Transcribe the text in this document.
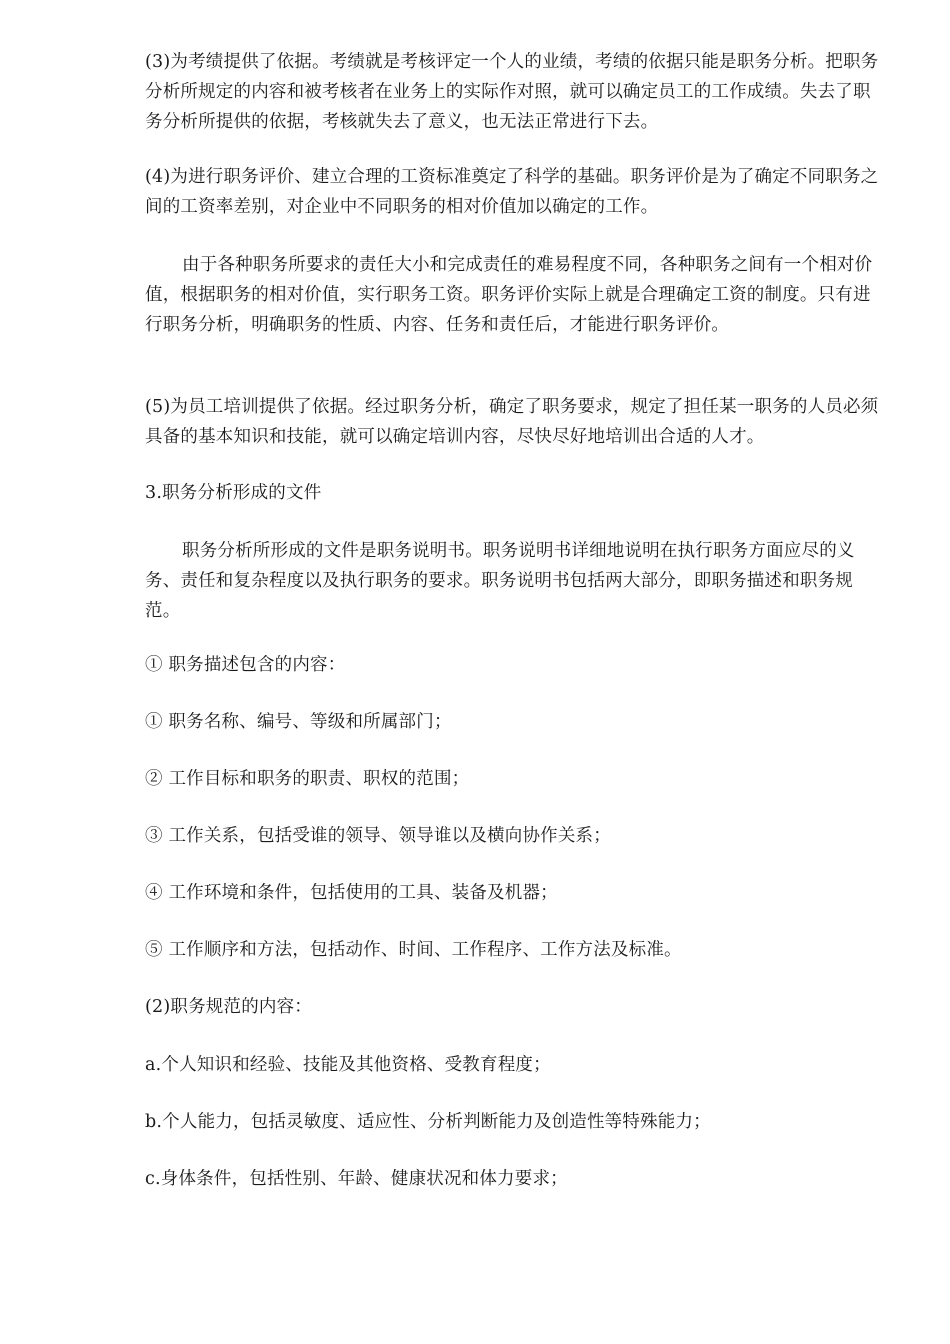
(3)为考绩提供了依据。考绩就是考核评定一个人的业绩，考绩的依据只能是职务分析。把职务分析所规定的内容和被考核者在业务上的实际作对照，就可以确定员工的工作成绩。失去了职务分析所提供的依据，考核就失去了意义，也无法正常进行下去。

(4)为进行职务评价、建立合理的工资标准奠定了科学的基础。职务评价是为了确定不同职务之间的工资率差别，对企业中不同职务的相对价值加以确定的工作。

由于各种职务所要求的责任大小和完成责任的难易程度不同，各种职务之间有一个相对价值，根据职务的相对价值，实行职务工资。职务评价实际上就是合理确定工资的制度。只有进行职务分析，明确职务的性质、内容、任务和责任后，才能进行职务评价。

(5)为员工培训提供了依据。经过职务分析，确定了职务要求，规定了担任某一职务的人员必须具备的基本知识和技能，就可以确定培训内容，尽快尽好地培训出合适的人才。

3.职务分析形成的文件

职务分析所形成的文件是职务说明书。职务说明书详细地说明在执行职务方面应尽的义务、责任和复杂程度以及执行职务的要求。职务说明书包括两大部分，即职务描述和职务规范。

① 职务描述包含的内容：

① 职务名称、编号、等级和所属部门；

② 工作目标和职务的职责、职权的范围；

③ 工作关系，包括受谁的领导、领导谁以及横向协作关系；

④ 工作环境和条件，包括使用的工具、装备及机器；

⑤ 工作顺序和方法，包括动作、时间、工作程序、工作方法及标准。

(2)职务规范的内容：

a.个人知识和经验、技能及其他资格、受教育程度；

b.个人能力，包括灵敏度、适应性、分析判断能力及创造性等特殊能力；

c.身体条件，包括性别、年龄、健康状况和体力要求；
